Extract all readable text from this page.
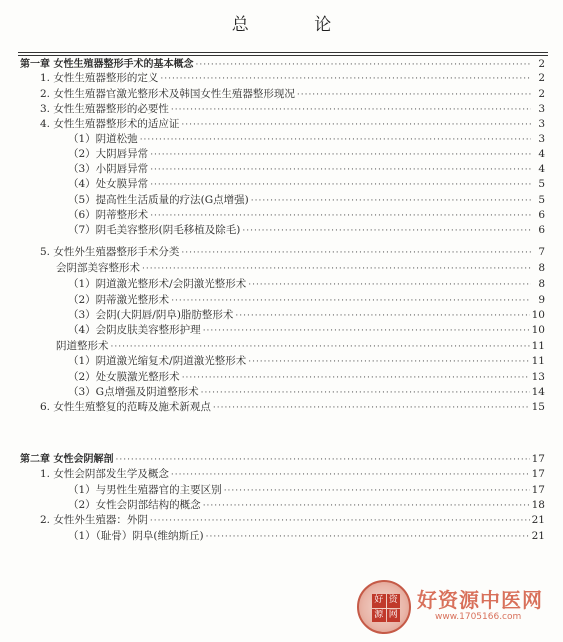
总 论
第一章 女性生殖器整形手术的基本概念 ·····	2
1. 女性生殖器整形的定义 ·····	2
2. 女性生殖器官激光整形术及韩国女性生殖器整形现况 ·····	2
3. 女性生殖器整形的必要性 ·····	3
4. 女性生殖器整形术的适应证 ·····	3
（1）阴道松弛 ·····	3
（2）大阴唇异常 ·····	4
（3）小阴唇异常 ·····	4
（4）处女膜异常 ·····	5
（5）提高性生活质量的疗法(G点增强) ·····	5
（6）阴蒂整形术 ·····	6
（7）阴毛美容整形(阴毛移植及除毛) ·····	6
5. 女性外生殖器整形手术分类 ·····	7
会阴部美容整形术 ·····	8
（1）阴道激光整形术/会阴激光整形术 ·····	8
（2）阴蒂激光整形术 ·····	9
（3）会阴(大阴唇/阴阜)脂肪整形术 ·····	10
（4）会阴皮肤美容整形护理 ·····	10
阴道整形术 ·····	11
（1）阴道激光缩复术/阴道激光整形术 ·····	11
（2）处女膜激光整形术 ·····	13
（3）G点增强及阴道整形术 ·····	14
6. 女性生殖整复的范畴及施术新观点 ·····	15
第二章 女性会阴解剖 ·····	17
1. 女性会阴部发生学及概念 ·····	17
（1）与男性生殖器官的主要区别 ·····	17
（2）女性会阴部结构的概念 ·····	18
2. 女性外生殖器：外阴 ·····	21
（1）（耻骨）阴阜(维纳斯丘) ·····	21
好 资
源 网
好资源中医网
www.1705166.com
